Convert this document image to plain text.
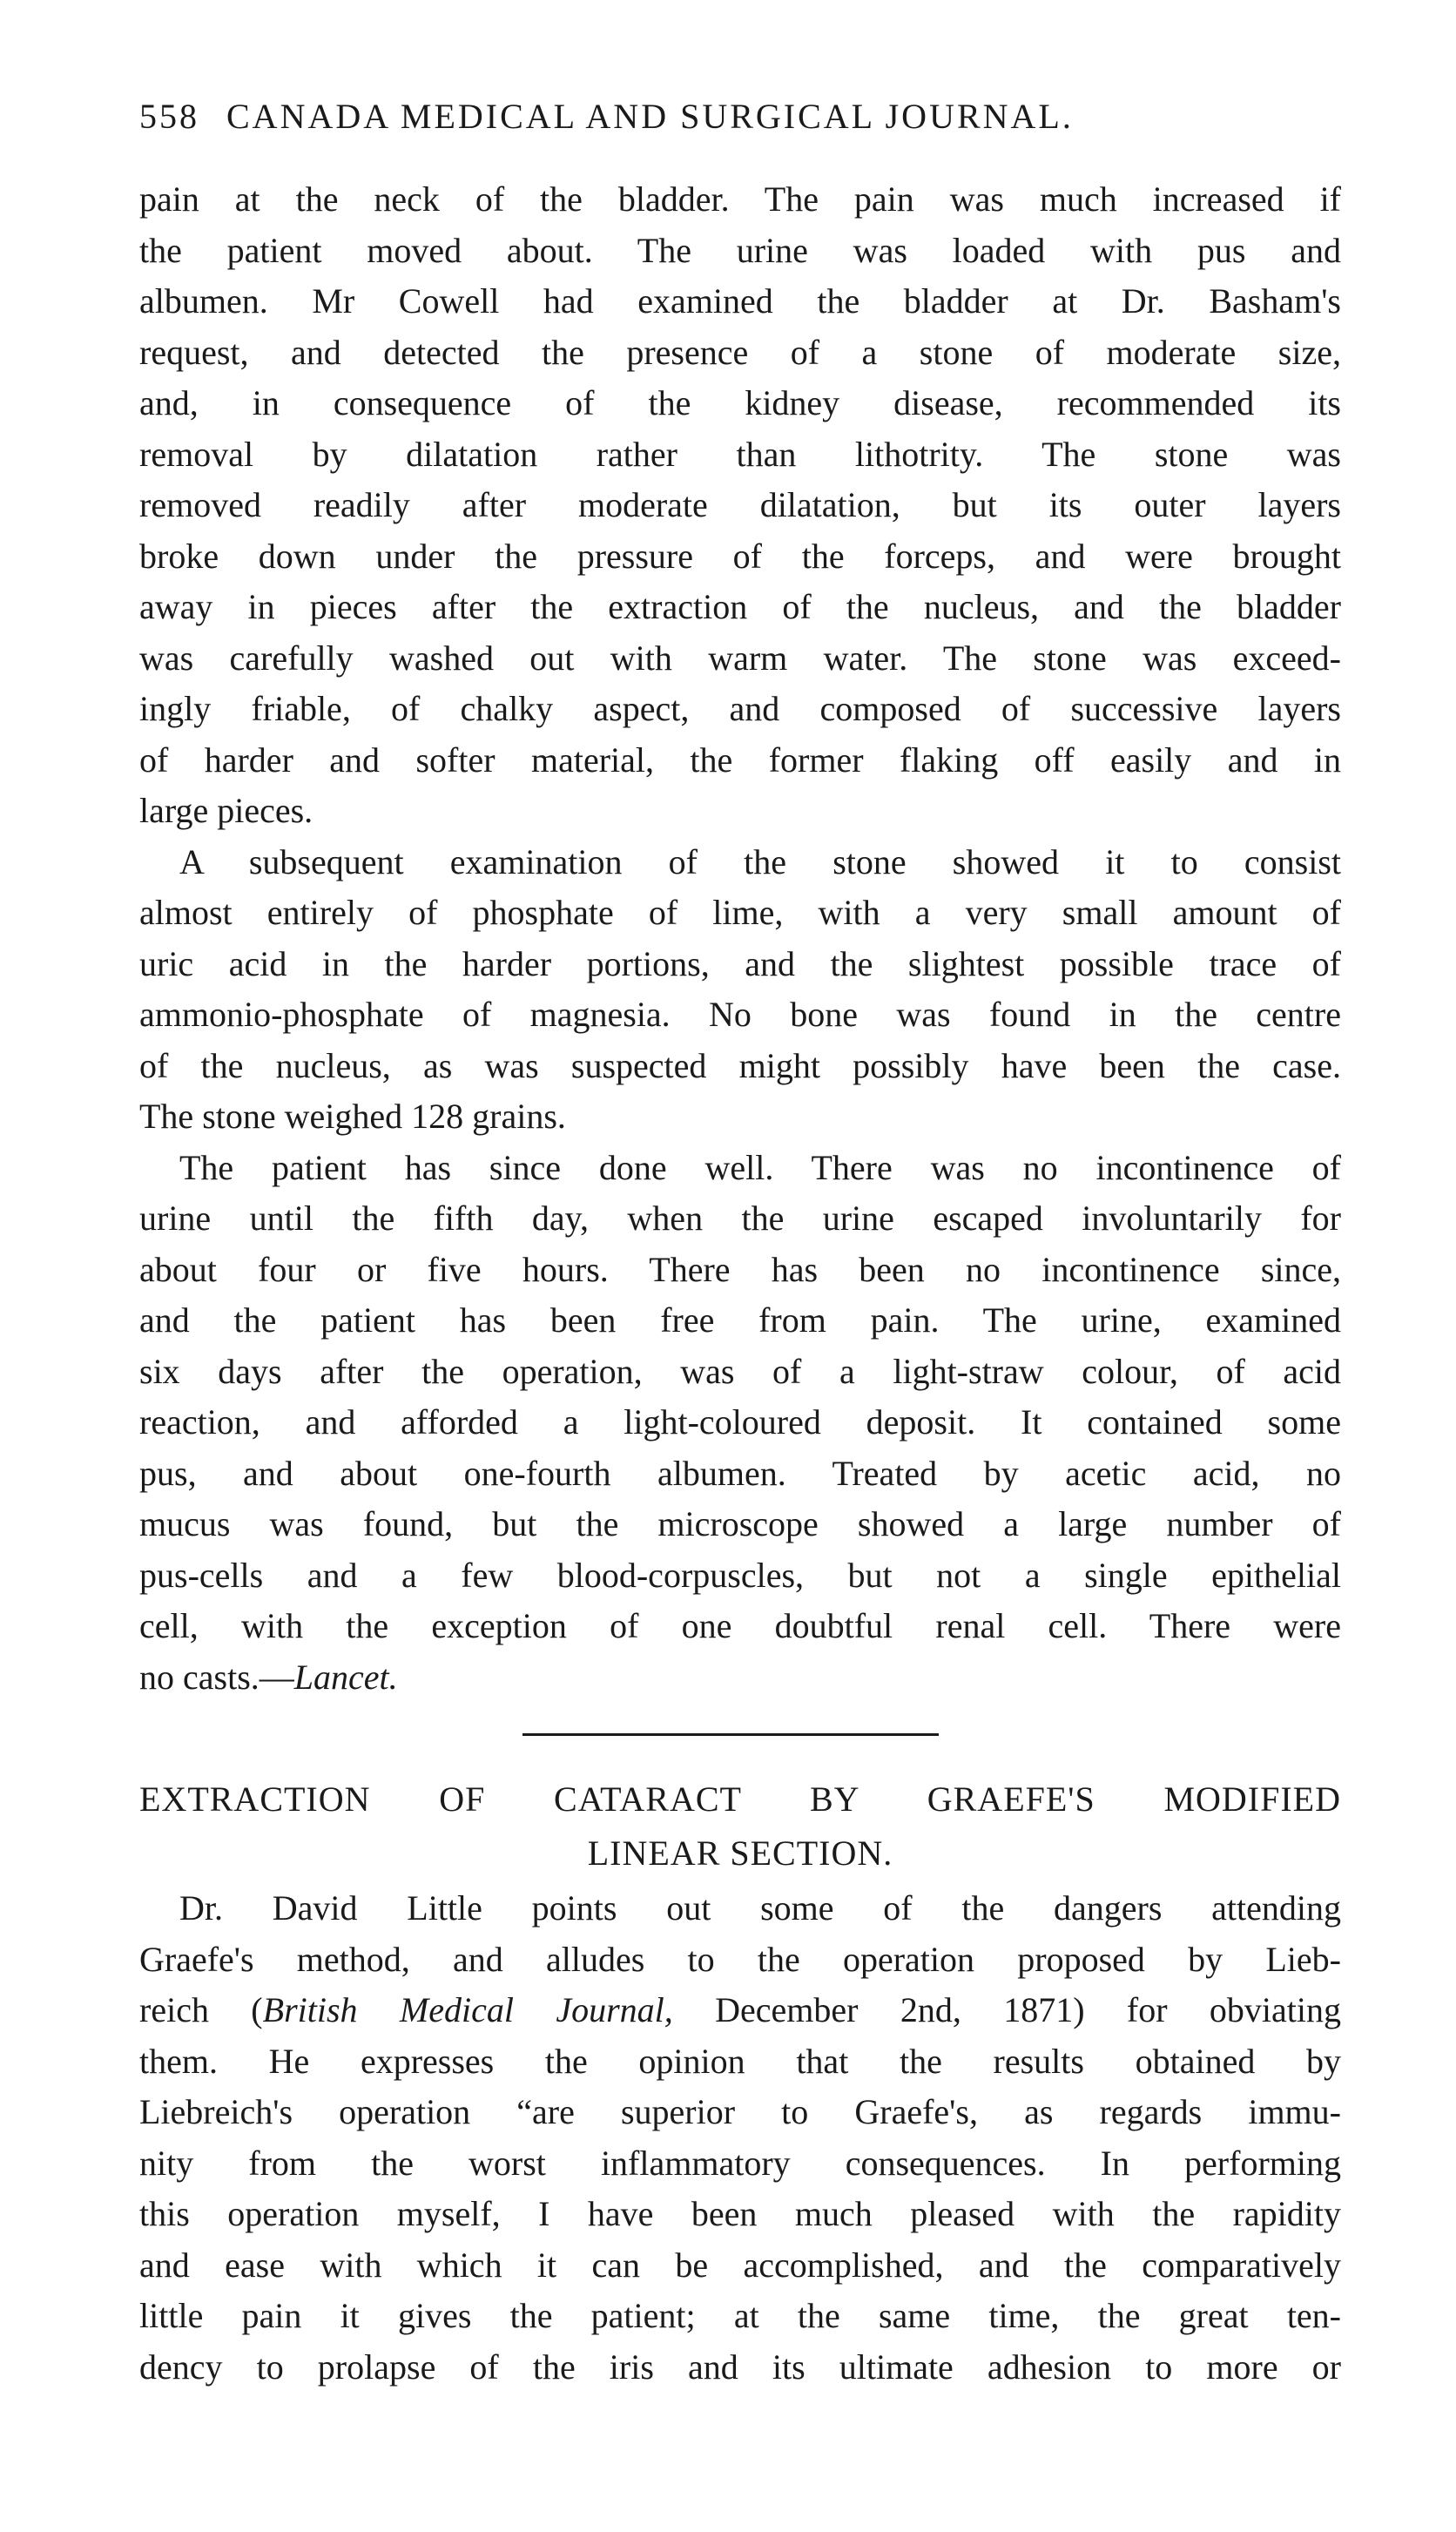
558 CANADA MEDICAL AND SURGICAL JOURNAL.
pain at the neck of the bladder. The pain was much increased if
the patient moved about. The urine was loaded with pus and
albumen. Mr Cowell had examined the bladder at Dr. Basham's
request, and detected the presence of a stone of moderate size,
and, in consequence of the kidney disease, recommended its
removal by dilatation rather than lithotrity. The stone was
removed readily after moderate dilatation, but its outer layers
broke down under the pressure of the forceps, and were brought
away in pieces after the extraction of the nucleus, and the bladder
was carefully washed out with warm water. The stone was exceed-
ingly friable, of chalky aspect, and composed of successive layers
of harder and softer material, the former flaking off easily and in
large pieces.
A subsequent examination of the stone showed it to consist
almost entirely of phosphate of lime, with a very small amount of
uric acid in the harder portions, and the slightest possible trace of
ammonio-phosphate of magnesia. No bone was found in the centre
of the nucleus, as was suspected might possibly have been the case.
The stone weighed 128 grains.
The patient has since done well. There was no incontinence of
urine until the fifth day, when the urine escaped involuntarily for
about four or five hours. There has been no incontinence since,
and the patient has been free from pain. The urine, examined
six days after the operation, was of a light-straw colour, of acid
reaction, and afforded a light-coloured deposit. It contained some
pus, and about one-fourth albumen. Treated by acetic acid, no
mucus was found, but the microscope showed a large number of
pus-cells and a few blood-corpuscles, but not a single epithelial
cell, with the exception of one doubtful renal cell. There were
no casts.—Lancet.
EXTRACTION OF CATARACT BY GRAEFE'S MODIFIED
LINEAR SECTION.
Dr. David Little points out some of the dangers attending
Graefe's method, and alludes to the operation proposed by Lieb-
reich (British Medical Journal, December 2nd, 1871) for obviating
them. He expresses the opinion that the results obtained by
Liebreich's operation “are superior to Graefe's, as regards immu-
nity from the worst inflammatory consequences. In performing
this operation myself, I have been much pleased with the rapidity
and ease with which it can be accomplished, and the comparatively
little pain it gives the patient; at the same time, the great ten-
dency to prolapse of the iris and its ultimate adhesion to more or
